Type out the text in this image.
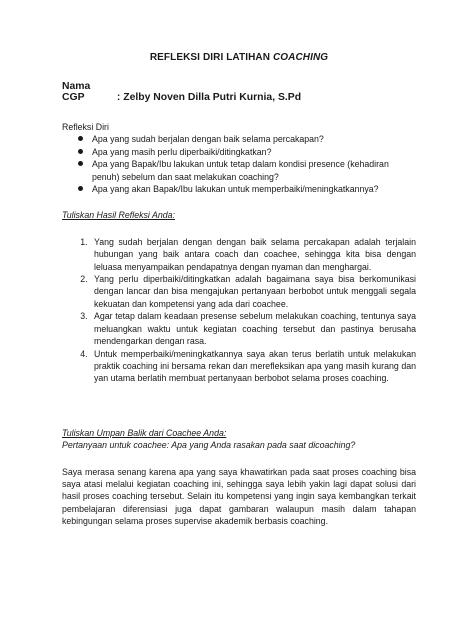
REFLEKSI DIRI LATIHAN COACHING
Nama CGP	: Zelby Noven Dilla Putri Kurnia, S.Pd
Refleksi Diri
Apa yang sudah berjalan dengan baik selama percakapan?
Apa yang masih perlu diperbaiki/ditingkatkan?
Apa yang Bapak/Ibu lakukan untuk tetap dalam kondisi presence (kehadiran penuh) sebelum dan saat melakukan coaching?
Apa yang akan Bapak/Ibu lakukan untuk memperbaiki/meningkatkannya?
Tuliskan Hasil Refleksi Anda:
1. Yang sudah berjalan dengan dengan baik selama percakapan adalah terjalain hubungan yang baik antara coach dan coachee, sehingga kita bisa dengan leluasa menyampaikan pendapatnya dengan nyaman dan menghargai.
2. Yang perlu diperbaiki/ditingkatkan adalah bagaimana saya bisa berkomunikasi dengan lancar dan bisa mengajukan pertanyaan berbobot untuk menggali segala kekuatan dan kompetensi yang ada dari coachee.
3. Agar tetap dalam keadaan presense sebelum melakukan coaching, tentunya saya meluangkan waktu untuk kegiatan coaching tersebut dan pastinya berusaha mendengarkan dengan rasa.
4. Untuk memperbaiki/meningkatkannya saya akan terus berlatih untuk melakukan praktik coaching ini bersama rekan dan merefleksikan apa yang masih kurang dan yan utama berlatih membuat pertanyaan berbobot selama proses coaching.
Tuliskan Umpan Balik dari Coachee Anda:
Pertanyaan untuk coachee: Apa yang Anda rasakan pada saat dicoaching?

Saya merasa senang karena apa yang saya khawatirkan pada saat proses coaching bisa saya atasi melalui kegiatan coaching ini, sehingga saya lebih yakin lagi dapat solusi dari hasil proses coaching tersebut. Selain itu kompetensi yang ingin saya kembangkan terkait pembelajaran diferensiasi juga dapat gambaran walaupun masih dalam tahapan kebingungan selama proses supervise akademik berbasis coaching.
